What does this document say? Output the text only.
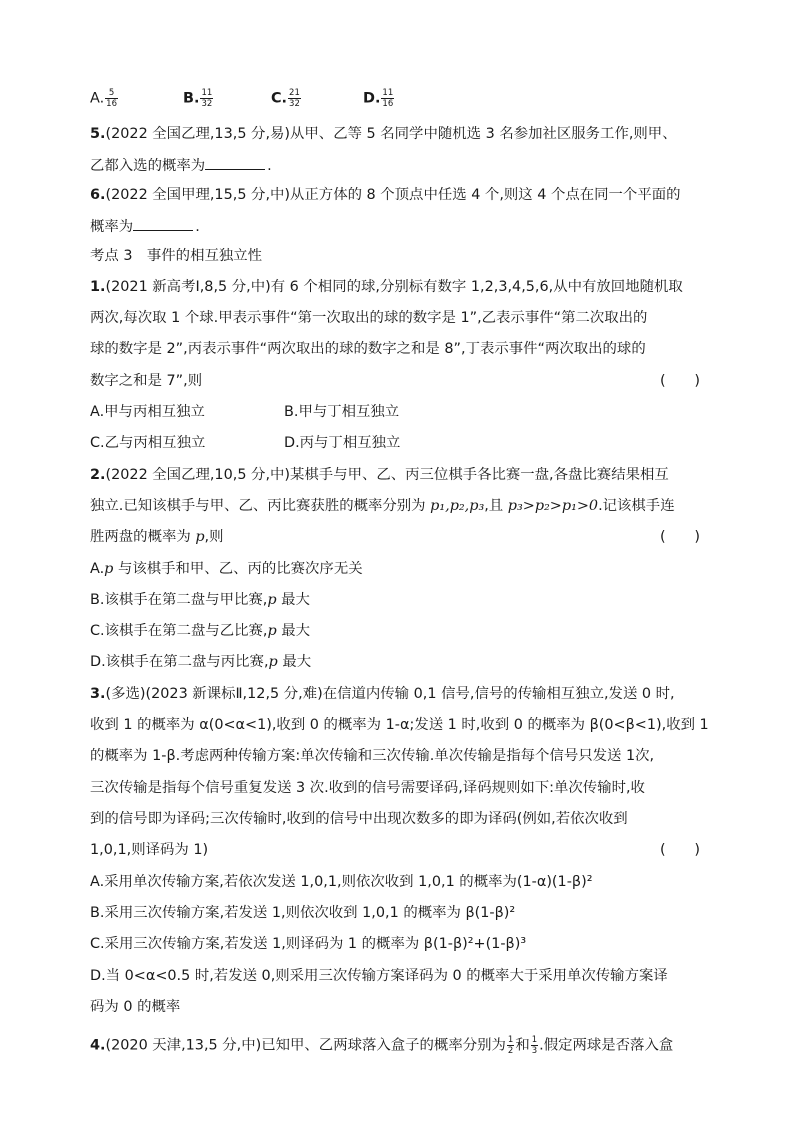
A. $\frac{5}{16}$	B. $\frac{11}{32}$	C. $\frac{21}{32}$	D. $\frac{11}{16}$
5.(2022 全国乙理,13,5 分,易)从甲、乙等 5 名同学中随机选 3 名参加社区服务工作,则甲、
乙都入选的概率为	.
6.(2022 全国甲理,15,5 分,中)从正方体的 8 个顶点中任选 4 个,则这 4 个点在同一个平面的
概率为	.
考点 3　事件的相互独立性
1.(2021 新高考Ⅰ,8,5 分,中)有 6 个相同的球,分别标有数字 1,2,3,4,5,6,从中有放回地随机取
两次,每次取 1 个球.甲表示事件“第一次取出的球的数字是 1”,乙表示事件“第二次取出的
球的数字是 2”,丙表示事件“两次取出的球的数字之和是 8”,丁表示事件“两次取出的球的
数字之和是 7”,则	(　　)
A.甲与丙相互独立	B.甲与丁相互独立
C.乙与丙相互独立	D.丙与丁相互独立
2.(2022 全国乙理,10,5 分,中)某棋手与甲、乙、丙三位棋手各比赛一盘,各盘比赛结果相互
独立.已知该棋手与甲、乙、丙比赛获胜的概率分别为 p₁,p₂,p₃,且 p₃>p₂>p₁>0.记该棋手连
胜两盘的概率为 p,则	(　　)
A.p 与该棋手和甲、乙、丙的比赛次序无关
B.该棋手在第二盘与甲比赛,p 最大
C.该棋手在第二盘与乙比赛,p 最大
D.该棋手在第二盘与丙比赛,p 最大
3.(多选)(2023 新课标Ⅱ,12,5 分,难)在信道内传输 0,1 信号,信号的传输相互独立,发送 0 时,
收到 1 的概率为 α(0<α<1),收到 0 的概率为 1-α;发送 1 时,收到 0 的概率为 β(0<β<1),收到 1
的概率为 1-β.考虑两种传输方案:单次传输和三次传输.单次传输是指每个信号只发送 1次,
三次传输是指每个信号重复发送 3 次.收到的信号需要译码,译码规则如下:单次传输时,收
到的信号即为译码;三次传输时,收到的信号中出现次数多的即为译码(例如,若依次收到
1,0,1,则译码为 1)	(　　)
A.采用单次传输方案,若依次发送 1,0,1,则依次收到 1,0,1 的概率为(1-α)(1-β)²
B.采用三次传输方案,若发送 1,则依次收到 1,0,1 的概率为 β(1-β)²
C.采用三次传输方案,若发送 1,则译码为 1 的概率为 β(1-β)²+(1-β)³
D.当 0<α<0.5 时,若发送 0,则采用三次传输方案译码为 0 的概率大于采用单次传输方案译
码为 0 的概率
4.(2020 天津,13,5 分,中)已知甲、乙两球落入盒子的概率分别为 $\frac{1}{2}$ 和 $\frac{1}{3}$ .假定两球是否落入盒
